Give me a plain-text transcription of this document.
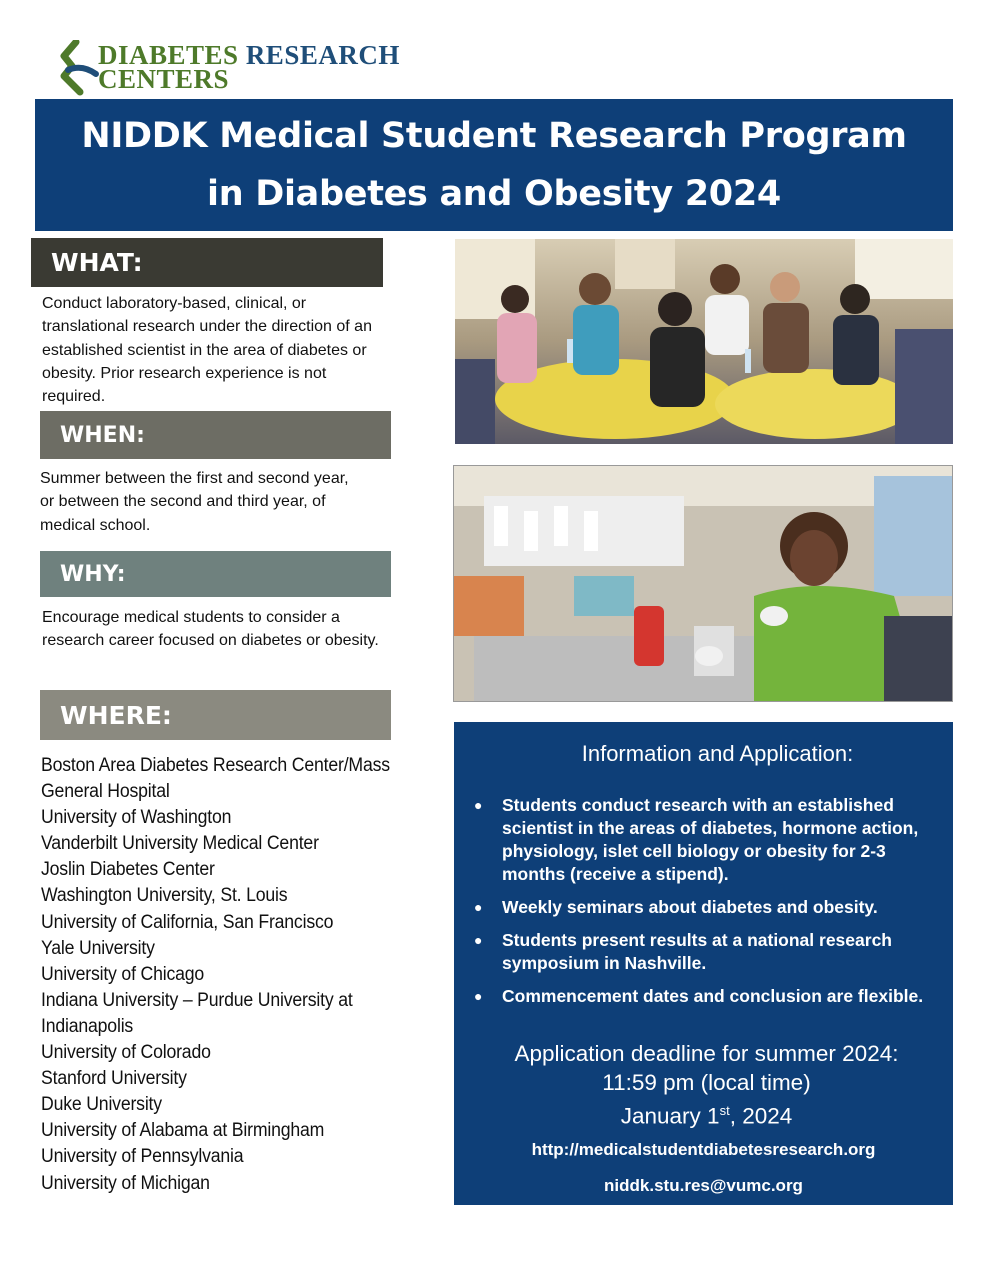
DIABETES RESEARCH
CENTERS
NIDDK Medical Student Research Program
in Diabetes and Obesity 2024
WHAT:
Conduct laboratory-based, clinical, or translational research under the direction of an established scientist in the area of diabetes or obesity. Prior research experience is not required.
WHEN:
Summer between the first and second year, or between the second and third year, of medical school.
WHY:
Encourage medical students to consider a research career focused on diabetes or obesity.
WHERE:
Boston Area Diabetes Research Center/Mass
General Hospital
University of Washington
Vanderbilt University Medical Center
Joslin Diabetes Center
Washington University, St. Louis
University of California, San Francisco
Yale University
University of Chicago
Indiana University – Purdue University at
Indianapolis
University of Colorado
Stanford University
Duke University
University of Alabama at Birmingham
University of Pennsylvania
University of Michigan
Information and Application:
● Students conduct research with an established scientist in the areas of diabetes, hormone action, physiology, islet cell biology or obesity for 2-3 months (receive a stipend).
● Weekly seminars about diabetes and obesity.
● Students present results at a national research symposium in Nashville.
● Commencement dates and conclusion are flexible.
Application deadline for summer 2024:
11:59 pm (local time)
January 1st, 2024
http://medicalstudentdiabetesresearch.org
niddk.stu.res@vumc.org
